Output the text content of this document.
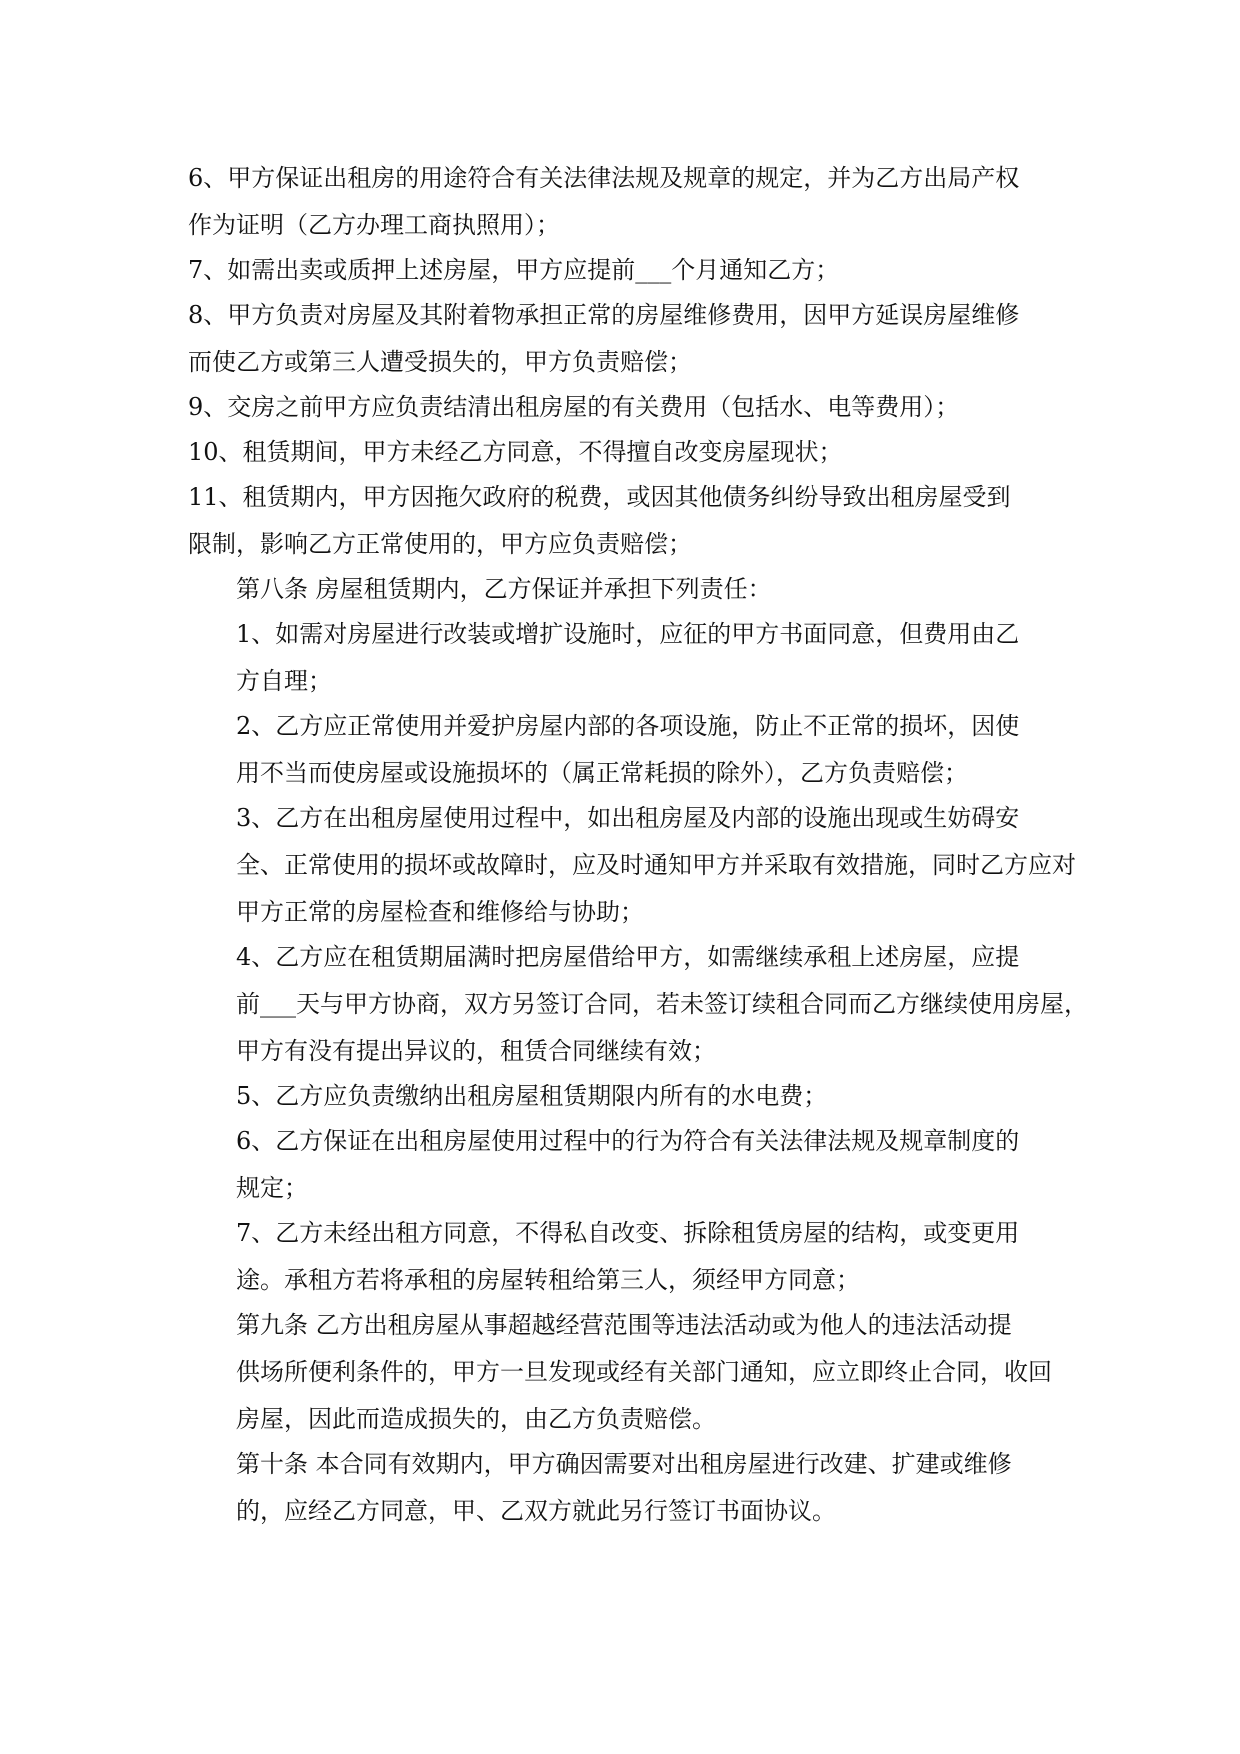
6、甲方保证出租房的用途符合有关法律法规及规章的规定，并为乙方出局产权
作为证明（乙方办理工商执照用）；

7、如需出卖或质押上述房屋，甲方应提前___个月通知乙方；

8、甲方负责对房屋及其附着物承担正常的房屋维修费用，因甲方延误房屋维修
而使乙方或第三人遭受损失的，甲方负责赔偿；

9、交房之前甲方应负责结清出租房屋的有关费用（包括水、电等费用）；

10、租赁期间，甲方未经乙方同意，不得擅自改变房屋现状；

11、租赁期内，甲方因拖欠政府的税费，或因其他债务纠纷导致出租房屋受到
限制，影响乙方正常使用的，甲方应负责赔偿；

第八条 房屋租赁期内，乙方保证并承担下列责任：

1、如需对房屋进行改装或增扩设施时，应征的甲方书面同意，但费用由乙
方自理；

2、乙方应正常使用并爱护房屋内部的各项设施，防止不正常的损坏，因使
用不当而使房屋或设施损坏的（属正常耗损的除外），乙方负责赔偿；

3、乙方在出租房屋使用过程中，如出租房屋及内部的设施出现或生妨碍安
全、正常使用的损坏或故障时，应及时通知甲方并采取有效措施，同时乙方应对
甲方正常的房屋检查和维修给与协助；

4、乙方应在租赁期届满时把房屋借给甲方，如需继续承租上述房屋，应提
前___天与甲方协商，双方另签订合同，若未签订续租合同而乙方继续使用房屋，
甲方有没有提出异议的，租赁合同继续有效；

5、乙方应负责缴纳出租房屋租赁期限内所有的水电费；

6、乙方保证在出租房屋使用过程中的行为符合有关法律法规及规章制度的
规定；

7、乙方未经出租方同意，不得私自改变、拆除租赁房屋的结构，或变更用
途。承租方若将承租的房屋转租给第三人，须经甲方同意；

第九条 乙方出租房屋从事超越经营范围等违法活动或为他人的违法活动提
供场所便利条件的，甲方一旦发现或经有关部门通知，应立即终止合同，收回
房屋，因此而造成损失的，由乙方负责赔偿。

第十条 本合同有效期内，甲方确因需要对出租房屋进行改建、扩建或维修
的，应经乙方同意，甲、乙双方就此另行签订书面协议。
